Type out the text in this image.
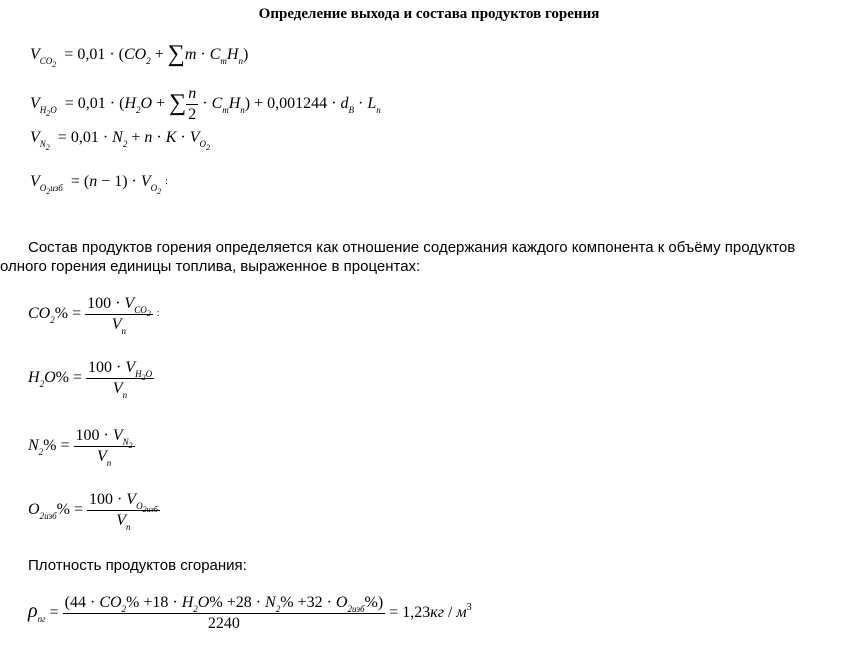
Определение выхода и состава продуктов горения
$V_{CO2} = 0,01 \cdot (CO_2 + \sum m \cdot C_mH_n)$
$V_{H2O} = 0,01 \cdot (H_2O$ + ∑ $\frac{n}{2} \cdot C_mH_n) + 0,001244 \cdot d_В \cdot L_n$
$V_{N2} = 0,01 \cdot N_2 + n \cdot K \cdot V_{O2}$
$V_{O2изб} = (n - 1) \cdot V_{O2}$ :
Состав продуктов горения определяется как отношение содержания каждого компонента к объёму продуктов
олного горения единицы топлива, выраженное в процентах:
$CO_2\% = \frac{100 \cdot V_{CO2}}{V_n}$ :
$H_2O\% = \frac{100 \cdot V_{H2O}}{V_n}$
$N_2\% = \frac{100 \cdot V_{N2}}{V_n}$
$O_{2изб}\% = \frac{100 \cdot V_{O2изб}}{V_n}$
Плотность продуктов сгорания:
$\rho_{пг} = \frac{(44 \cdot CO_2\% +18 \cdot H_2O\% +28 \cdot N_2\% +32 \cdot O_{2изб}\%)}{2240} = 1,23кг / м^3$
